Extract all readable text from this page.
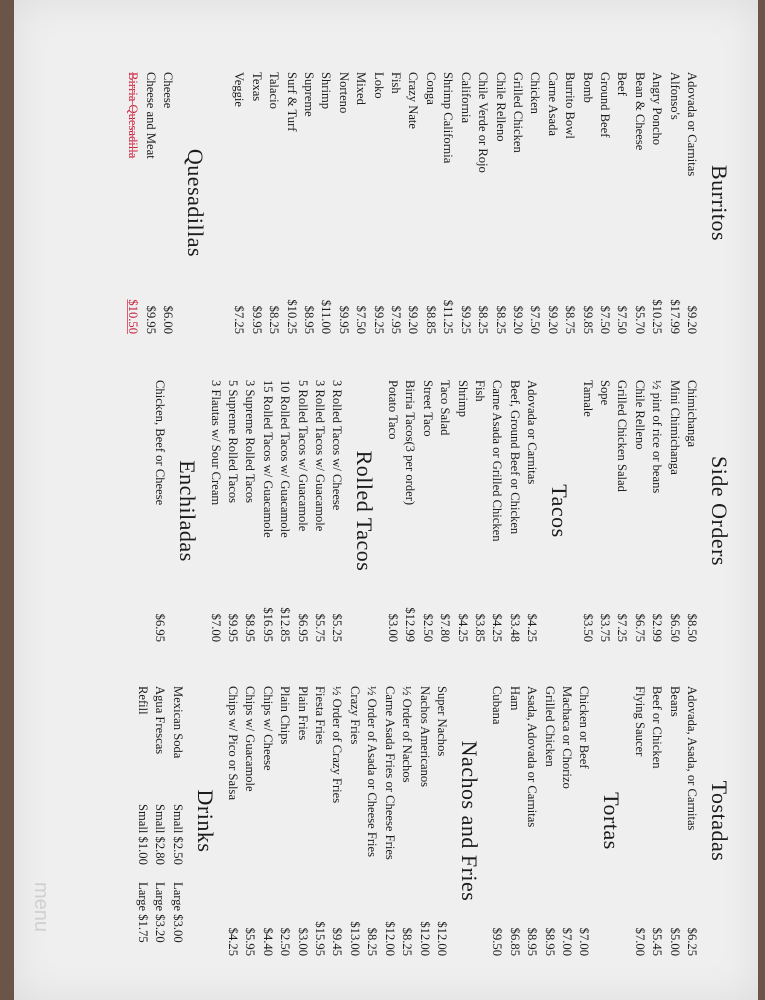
Burritos
Adovada or Carnitas
$9.20
Alfonso's
$17.99
Angry Poncho
$10.25
Bean & Cheese
$5.70
Beef
$7.50
Ground Beef
$7.50
Bomb
$9.85
Burrito Bowl
$8.75
Carne Asada
$9.20
Chicken
$7.50
Grilled Chicken
$9.20
Chile Relleno
$8.25
Chile Verde or Rojo
$8.25
California
$9.25
Shrimp California
$11.25
Conga
$8.85
Crazy Nate
$9.20
Fish
$7.95
Loko
$9.25
Mixed
$7.50
Norteno
$9.95
Shrimp
$11.00
Supreme
$8.95
Surf & Turf
$10.25
Talacio
$8.25
Texas
$9.95
Veggie
$7.25
Quesadillas
Cheese
$6.00
Cheese and Meat
$9.95
Birria Quesadilla
$10.50
Side Orders
Chimichanga
$8.50
Mini Chimichanga
$6.50
½ pint of rice or beans
$2.99
Chile Relleno
$6.75
Grilled Chicken Salad
$7.25
Sope
$3.75
Tamale
$3.50
Tacos
Adovada or Carnitas
$4.25
Beef, Ground Beef or Chicken
$3.48
Carne Asada or Grilled Chicken
$4.25
Fish
$3.85
Shrimp
$4.25
Taco Salad
$7.80
Street Taco
$2.50
Birria Tacos(3 per order)
$12.99
Potato Taco
$3.00
Rolled Tacos
3 Rolled Tacos w/ Cheese
$5.25
3 Rolled Tacos w/ Guacamole
$5.75
5 Rolled Tacos w/ Guacamole
$6.95
10 Rolled Tacos w/ Guacamole
$12.85
15 Rolled Tacos w/ Guacamole
$16.95
3 Supreme Rolled Tacos
$8.95
5 Supreme Rolled Tacos
$9.95
3 Flautas w/ Sour Cream
$7.00
Enchiladas
Chicken, Beef or Cheese
$6.95
Tostadas
Adovada, Asada, or Carnitas
$6.25
Beans
$5.00
Beef or Chicken
$5.45
Flying Saucer
$7.00
Tortas
Chicken or Beef
$7.00
Machaca or Chorizo
$7.00
Grilled Chicken
$8.95
Asada, Adovada or Carnitas
$8.95
Ham
$6.85
Cubana
$9.50
Nachos and Fries
Super Nachos
$12.00
Nachos Americanos
$12.00
½ Order of Nachos
$8.25
Carne Asada Fries or Cheese Fries
$12.00
½ Order of Asada or Cheese Fries
$8.25
Crazy Fries
$13.00
½ Order of Crazy Fries
$9.45
Fiesta Fries
$15.95
Plain Fries
$3.00
Plain Chips
$2.50
Chips w/ Cheese
$4.40
Chips w/ Guacamole
$5.95
Chips w/ Pico or Salsa
$4.25
Drinks
Mexican Soda
Small $2.50
Large $3.00
Agua Frescas
Small $2.80
Large $3.20
Refill
Small $1.00
Large $1.75
menu
